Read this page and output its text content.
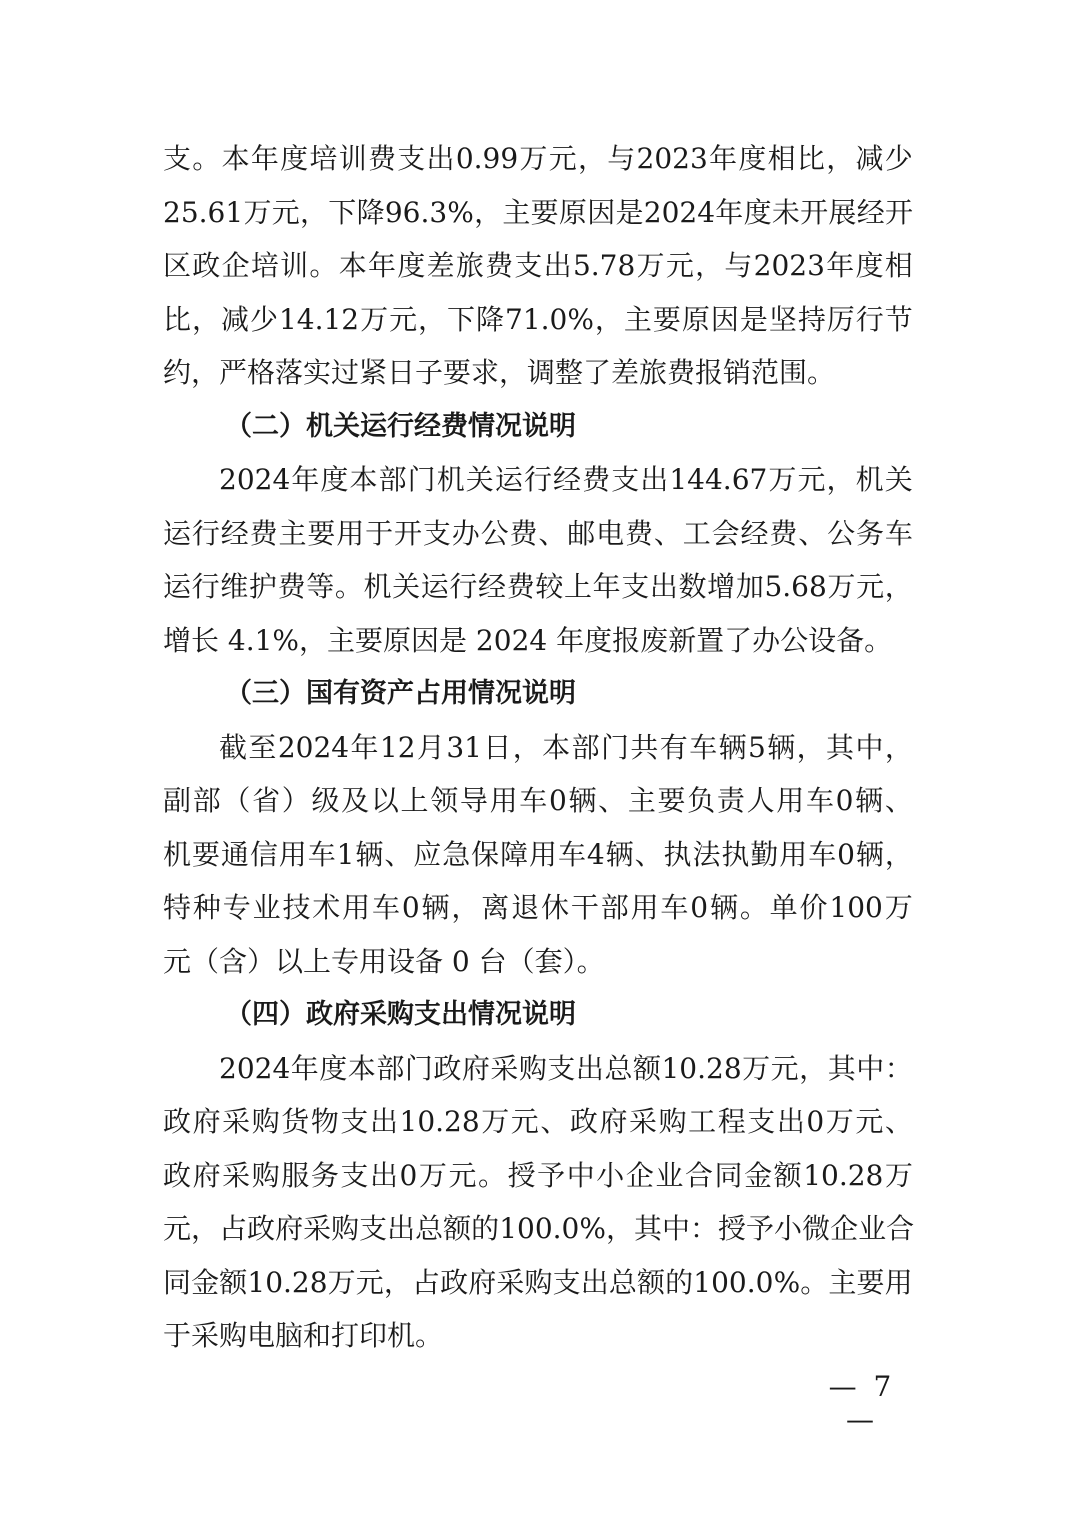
支 。 本 年 度 培 训 费 支 出 0.99 万 元 ， 与 2023 年 度 相 比 ， 减 少
25.61 万 元 ， 下 降 96.3% ， 主 要 原 因 是 2024 年 度 未 开 展 经 开
区 政 企 培 训 。 本 年 度 差 旅 费 支 出 5.78 万 元 ， 与 2023 年 度 相
比 ， 减 少 14.12 万 元 ， 下 降 71.0% ， 主 要 原 因 是 坚 持 厉 行 节
约，严格落实过紧日子要求，调整了差旅费报销范围。
（二）机关运行经费情况说明
2024 年 度 本 部 门 机 关 运 行 经 费 支 出 144.67 万 元 ， 机 关
运 行 经 费 主 要 用 于 开 支 办 公 费 、 邮 电 费 、 工 会 经 费 、 公 务 车
运 行 维 护 费 等 。 机 关 运 行 经 费 较 上 年 支 出 数 增 加 5.68 万 元 ，
增长 4.1%，主要原因是 2024 年度报废新置了办公设备。
（三）国有资产占用情况说明
截 至 2024 年 12 月 31 日 ， 本 部 门 共 有 车 辆 5 辆 ， 其 中 ，
副 部 （ 省 ） 级 及 以 上 领 导 用 车 0 辆 、 主 要 负 责 人 用 车 0 辆 、
机 要 通 信 用 车 1 辆 、 应 急 保 障 用 车 4 辆 、 执 法 执 勤 用 车 0 辆 ，
特 种 专 业 技 术 用 车 0 辆 ， 离 退 休 干 部 用 车 0 辆 。 单 价 100 万
元（含）以上专用设备 0 台（套）。
（四）政府采购支出情况说明
2024 年 度 本 部 门 政 府 采 购 支 出 总 额 10.28 万 元 ， 其 中 ：
政 府 采 购 货 物 支 出 10.28 万 元 、 政 府 采 购 工 程 支 出 0 万 元 、
政 府 采 购 服 务 支 出 0 万 元 。 授 予 中 小 企 业 合 同 金 额 10.28 万
元 ， 占 政 府 采 购 支 出 总 额 的 100.0% ， 其 中 ： 授 予 小 微 企 业 合
同 金 额 10.28 万 元 ， 占 政 府 采 购 支 出 总 额 的 100.0 % 。 主 要 用
于采购电脑和打印机。
— 7 —
